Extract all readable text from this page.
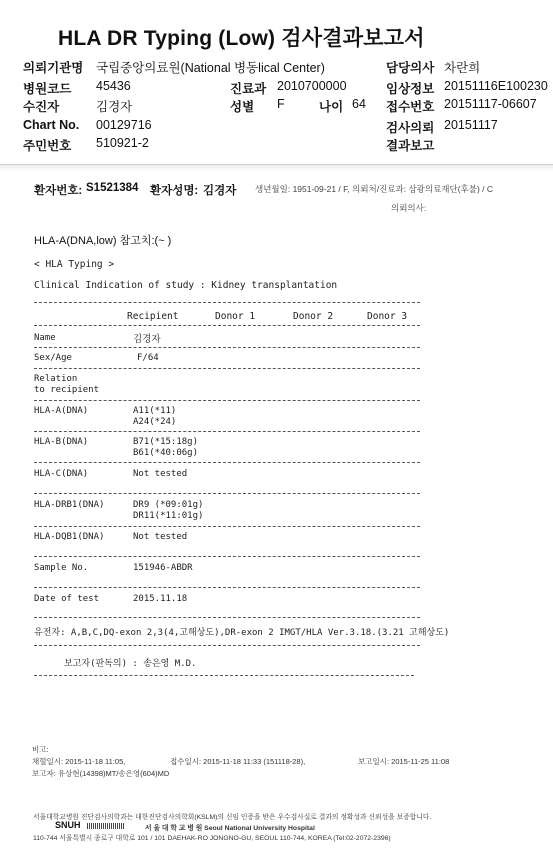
HLA DR Typing (Low) 검사결과보고서
의뢰기관명 국립중앙의료원(National 병동lical Center)
병원코드 45436
수진자	김경자
Chart No. 00129716
주민번호 510921-2
진료과 2010700000
성별 F	나이 64
담당의사 차란희
임상정보 20151116E100230
접수번호 20151117-06607
검사의뢰 20151117
결과보고
환자번호: S1521384 환자성명: 김경자 생년월일: 1951-09-21 / F, 의뢰처/진료과: 삼광의료재단(후불) / C
의뢰의사:
HLA-A(DNA,low) 참고치:(~ )
< HLA Typing >
Clinical Indication of study : Kidney transplantation
Recipient	Donor 1	Donor 2	Donor 3
Name	김경자
Sex/Age	F/64
Relation
to recipient
HLA-A(DNA)	A11(*11)
A24(*24)
HLA-B(DNA)	B71(*15:18g)
B61(*40:06g)
HLA-C(DNA)	Not tested
HLA-DRB1(DNA)	DR9 (*09:01g)
DR11(*11:01g)
HLA-DQB1(DNA)	Not tested
Sample No.	151946-ABDR
Date of test	2015.11.18
유전자: A,B,C,DQ-exon 2,3(4,고해상도),DR-exon 2 IMGT/HLA Ver.3.18.(3.21 고해상도)
보고자(판독의) : 송은영 M.D.
비고:
채혈일시: 2015-11-18 11:05,	접수일시: 2015-11-18 11:33 (151118-28),	보고일시: 2015-11-25 11:08
보고자: 유상현(14398)MT/송은영(604)MD
서울대학교병원 진단검사의학과는 대한진단검사의학회(KSLM)의 신임 인증을 받은 우수검사실로 결과의 정확성과 신뢰성을 보증합니다.
SNUH	서 울 대 학 교 병 원 Seoul National University Hospital
110-744 서울특별시 종로구 대학로 101 / 101 DAEHAK-RO JONGNO-GU, SEOUL 110-744, KOREA (Tel:02-2072-2396)
